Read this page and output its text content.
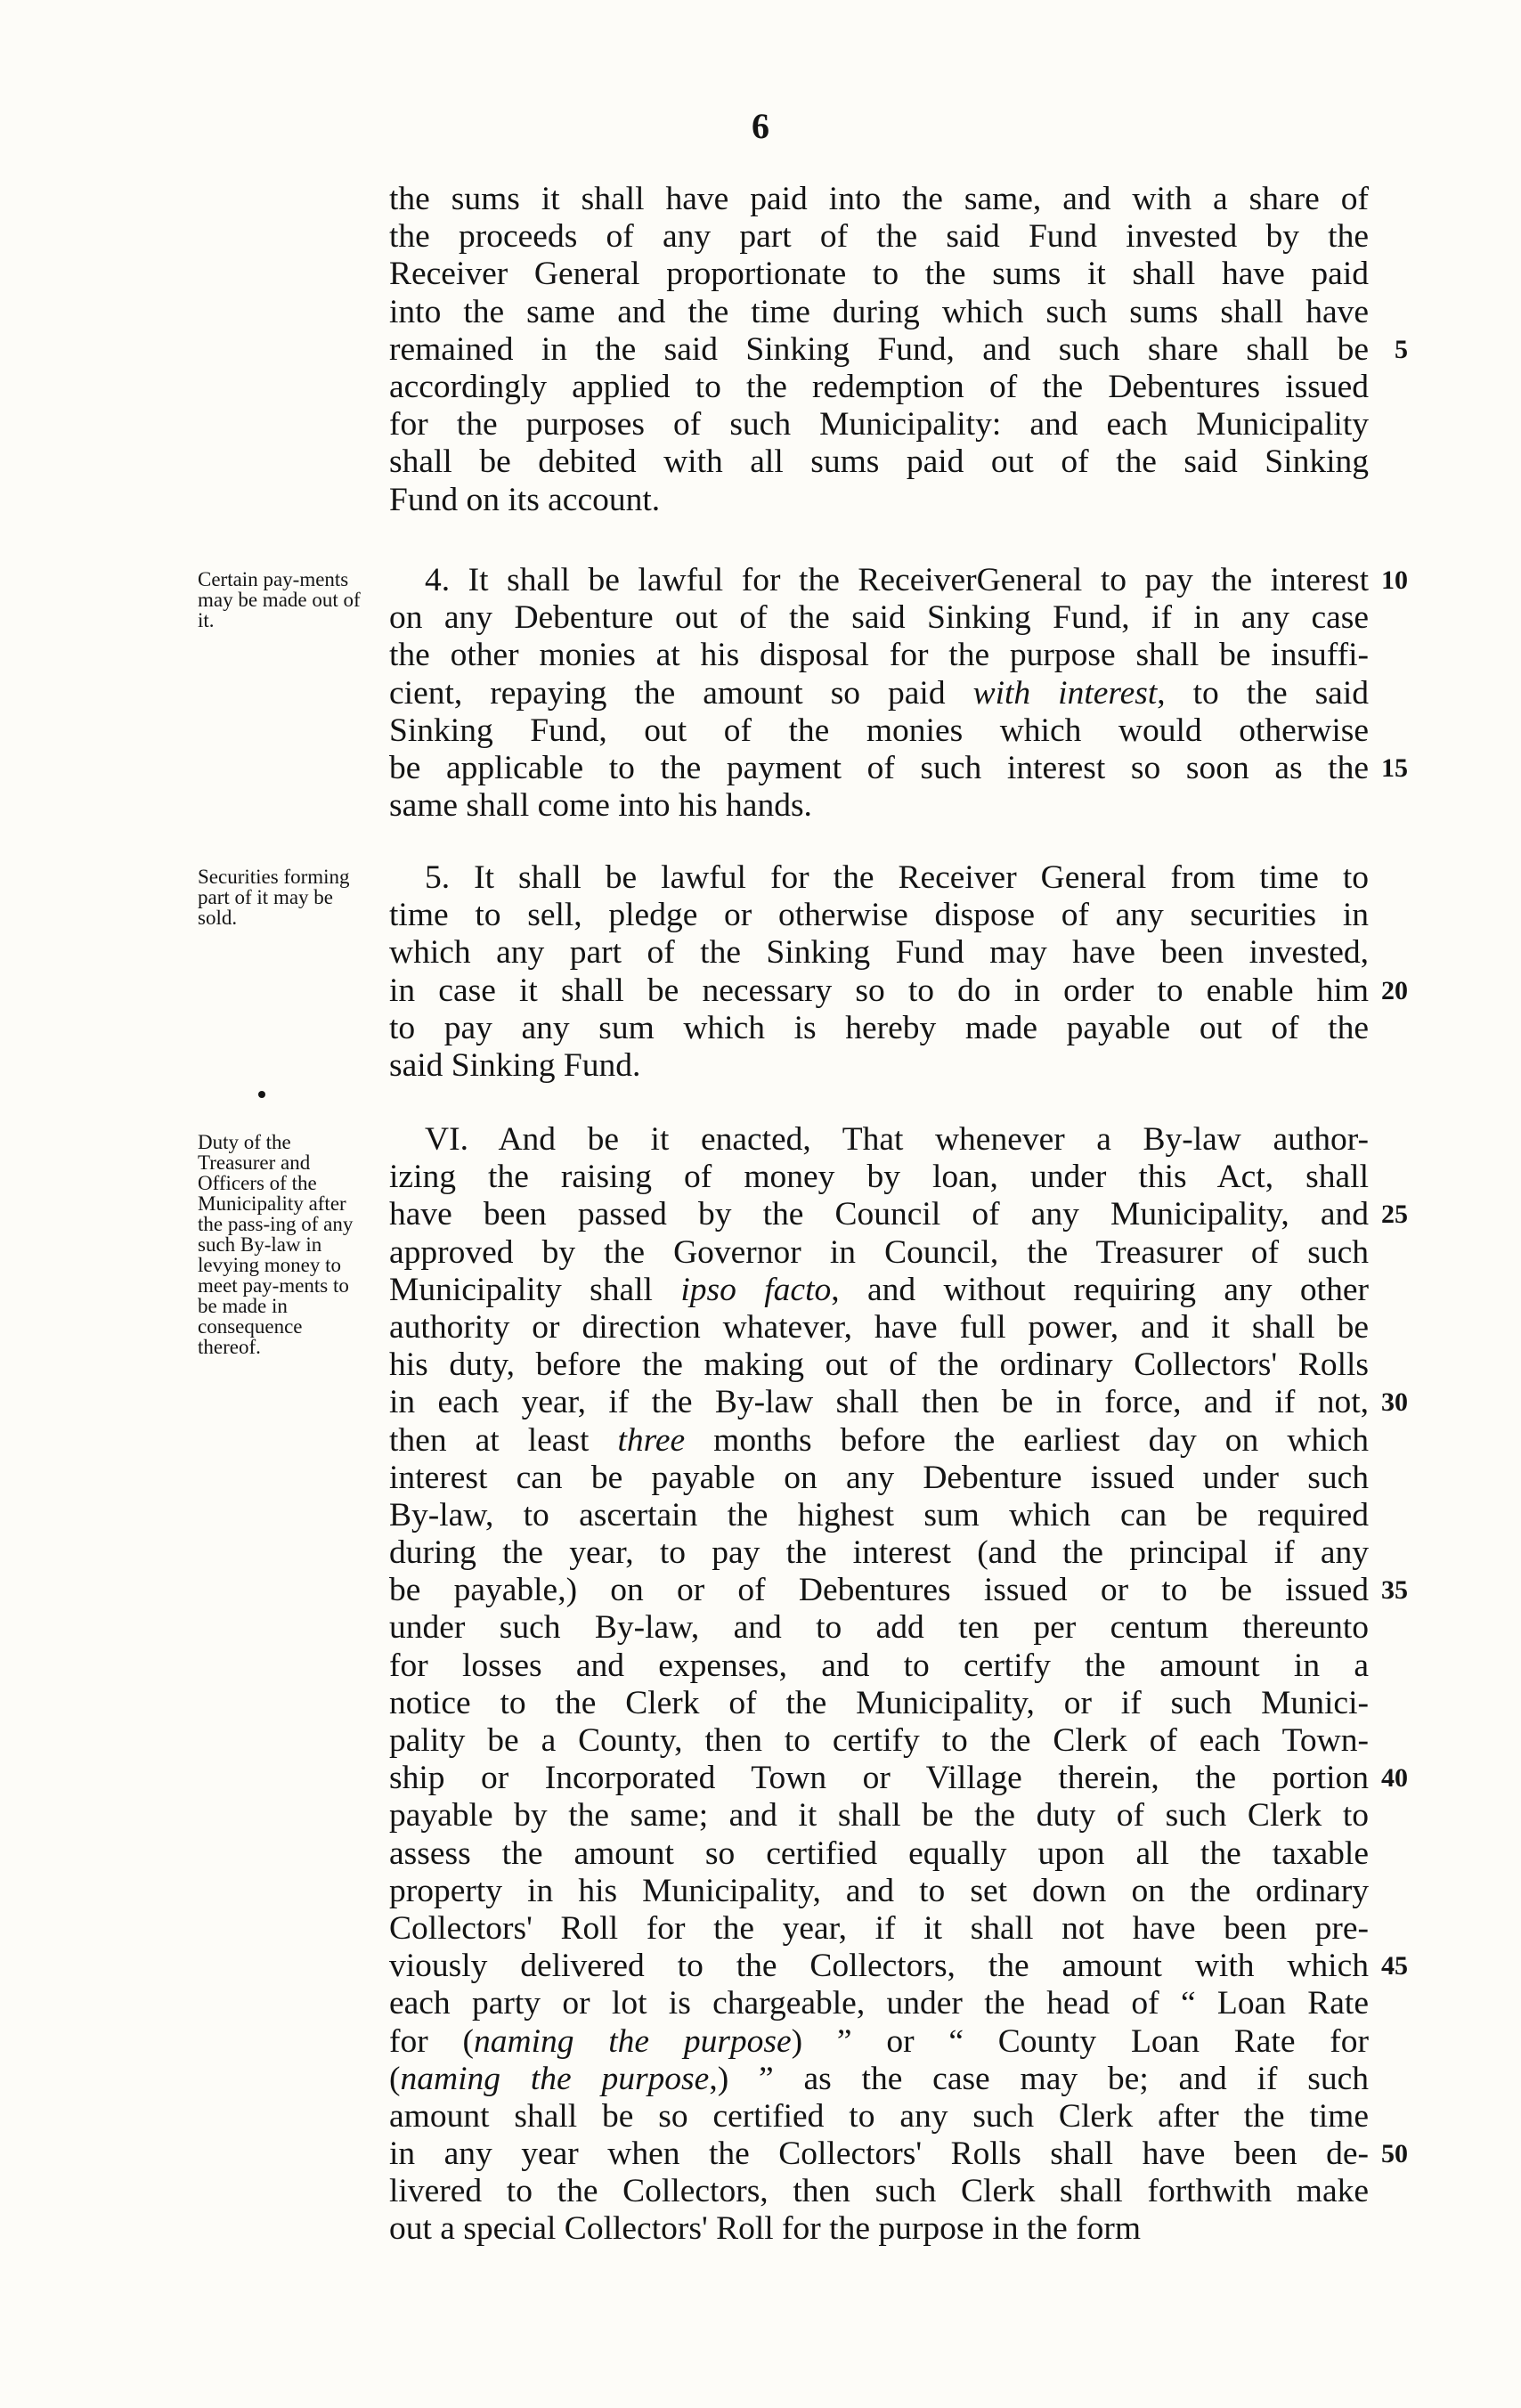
6
the sums it shall have paid into the same, and with a share of
the proceeds of any part of the said Fund invested by the
Receiver General proportionate to the sums it shall have paid
into the same and the time during which such sums shall have
remained in the said Sinking Fund, and such share shall be 5
accordingly applied to the redemption of the Debentures issued
for the purposes of such Municipality: and each Municipality
shall be debited with all sums paid out of the said Sinking
Fund on its account.
Certain pay-ments may be made out of it.
4. It shall be lawful for the ReceiverGeneral to pay the interest 10
on any Debenture out of the said Sinking Fund, if in any case
the other monies at his disposal for the purpose shall be insuffi-
cient, repaying the amount so paid with interest, to the said
Sinking Fund, out of the monies which would otherwise
be applicable to the payment of such interest so soon as the 15
same shall come into his hands.
Securities forming part of it may be sold.
5. It shall be lawful for the Receiver General from time to
time to sell, pledge or otherwise dispose of any securities in
which any part of the Sinking Fund may have been invested,
in case it shall be necessary so to do in order to enable him 20
to pay any sum which is hereby made payable out of the
said Sinking Fund.
Duty of the Treasurer and Officers of the Municipality after the pass-ing of any such By-law in levying money to meet pay-ments to be made in consequence thereof.
VI. And be it enacted, That whenever a By-law author-
izing the raising of money by loan, under this Act, shall
have been passed by the Council of any Municipality, and 25
approved by the Governor in Council, the Treasurer of such
Municipality shall ipso facto, and without requiring any other
authority or direction whatever, have full power, and it shall be
his duty, before the making out of the ordinary Collectors' Rolls
in each year, if the By-law shall then be in force, and if not, 30
then at least three months before the earliest day on which
interest can be payable on any Debenture issued under such
By-law, to ascertain the highest sum which can be required
during the year, to pay the interest (and the principal if any
be payable,) on or of Debentures issued or to be issued 35
under such By-law, and to add ten per centum thereunto
for losses and expenses, and to certify the amount in a
notice to the Clerk of the Municipality, or if such Munici-
pality be a County, then to certify to the Clerk of each Town-
ship or Incorporated Town or Village therein, the portion 40
payable by the same; and it shall be the duty of such Clerk to
assess the amount so certified equally upon all the taxable
property in his Municipality, and to set down on the ordinary
Collectors' Roll for the year, if it shall not have been pre-
viously delivered to the Collectors, the amount with which 45
each party or lot is chargeable, under the head of “ Loan Rate
for (naming the purpose) ” or “ County Loan Rate for
(naming the purpose,) ” as the case may be; and if such
amount shall be so certified to any such Clerk after the time
in any year when the Collectors' Rolls shall have been de- 50
livered to the Collectors, then such Clerk shall forthwith make
out a special Collectors' Roll for the purpose in the form
